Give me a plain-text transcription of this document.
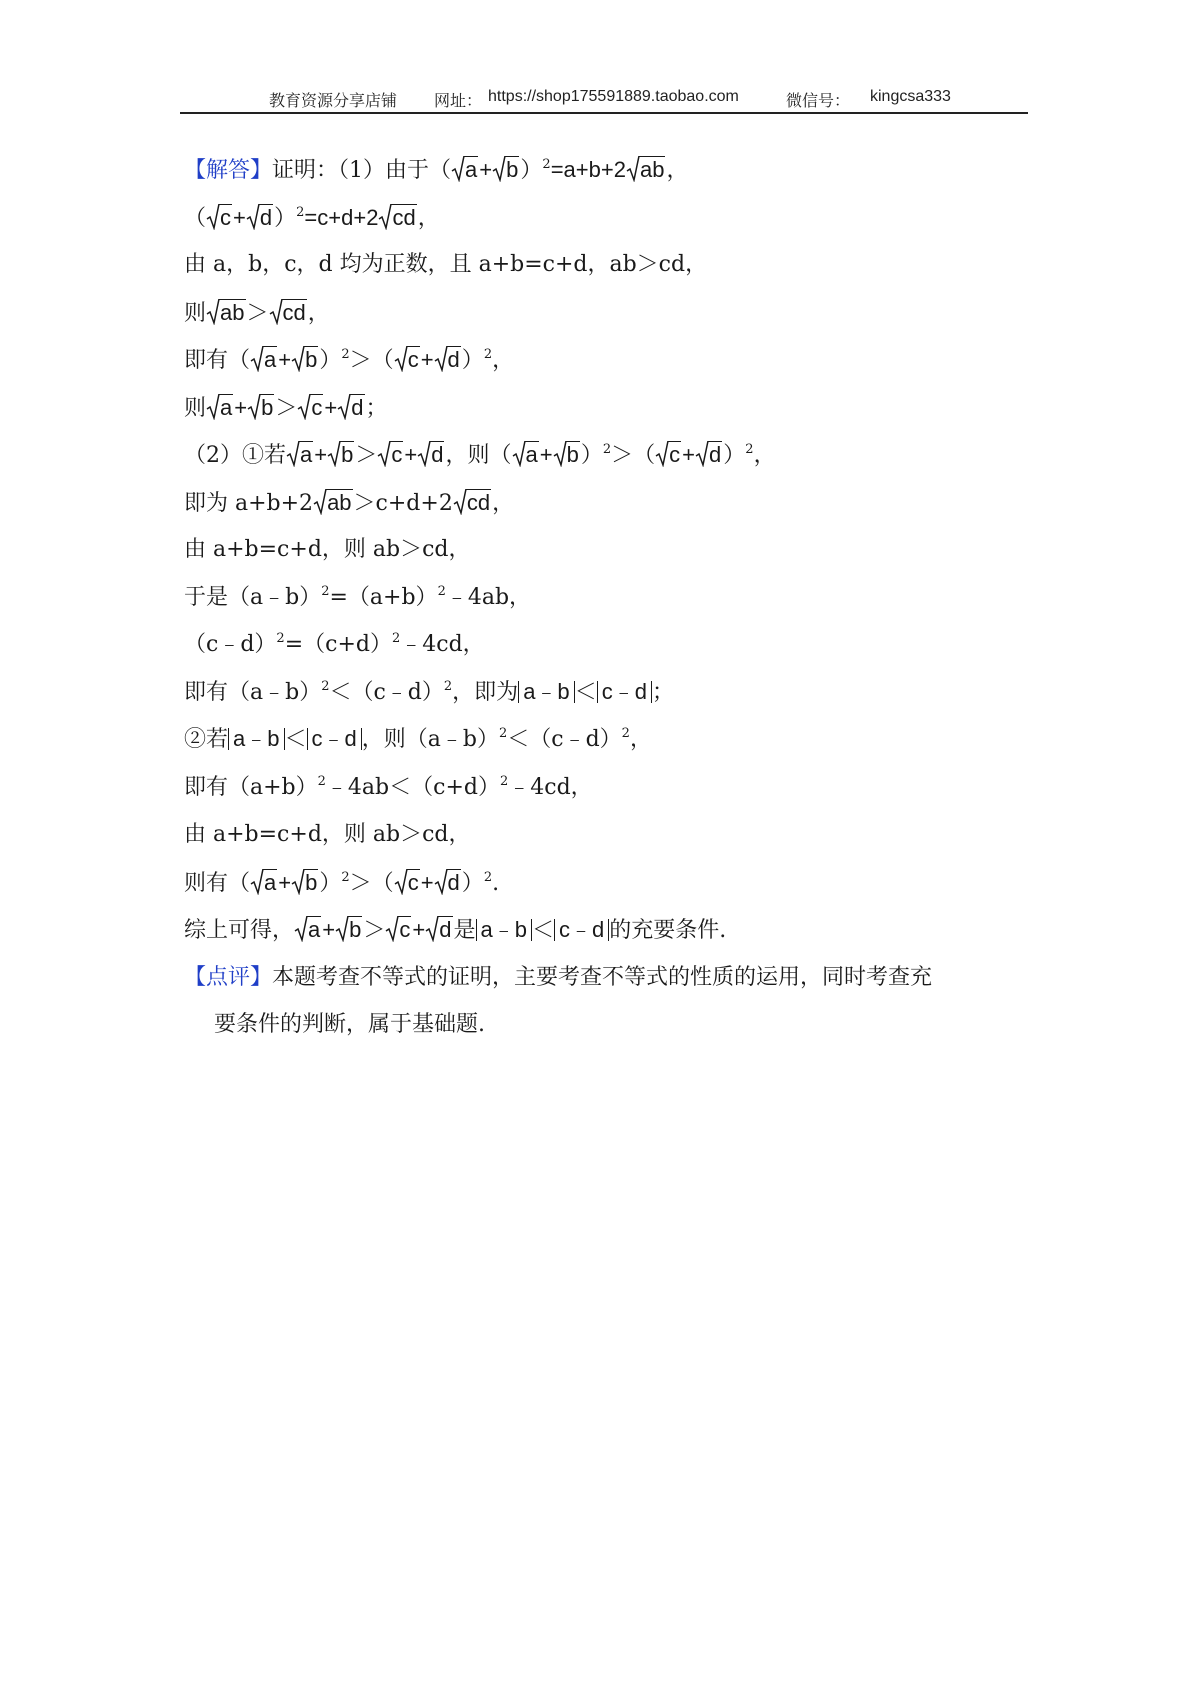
教育资源分享店铺 网址： https://shop175591889.taobao.com	微信号： kingcsa333
【解答】证明：（1）由于（ a+ b）$^2$=a+b+2 ab，
（ c+ d）$^2$=c+d+2 cd，
由 a，b，c，d 均为正数，且 a+b=c+d，ab＞cd，
则 ab＞ cd，
即有（ a+ b）$^2$＞（ c+ d）$^2$，
则 a+ b＞ c+ d；
（2）①若 a+ b＞ c+ d，则（ a+ b）$^2$＞（ c+ d）$^2$，
即为 a+b+2 ab＞c+d+2 cd，
由 a+b=c+d，则 ab＞cd，
于是$(a﹣b)^2=(a+b)^2﹣4ab$，
$(c﹣d)^2=(c+d)^2﹣4cd$，
即有（a﹣b）$^2$＜（c﹣d）$^2$，即为 a﹣b ＜ c﹣d ；
②若 a﹣b ＜ c﹣d ，则（a﹣b）$^2$＜（c﹣d）$^2$，
即有$(a+b)^2﹣4ab<(c+d)^2﹣4cd$，
由 a+b=c+d，则 ab＞cd，
则有（ a+ b）$^2$＞（ c+ d）$^2$.
综上可得， a+ b＞ c+ d是 a﹣b ＜ c﹣d 的充要条件.
【点评】本题考查不等式的证明，主要考查不等式的性质的运用，同时考查充
要条件的判断，属于基础题.
